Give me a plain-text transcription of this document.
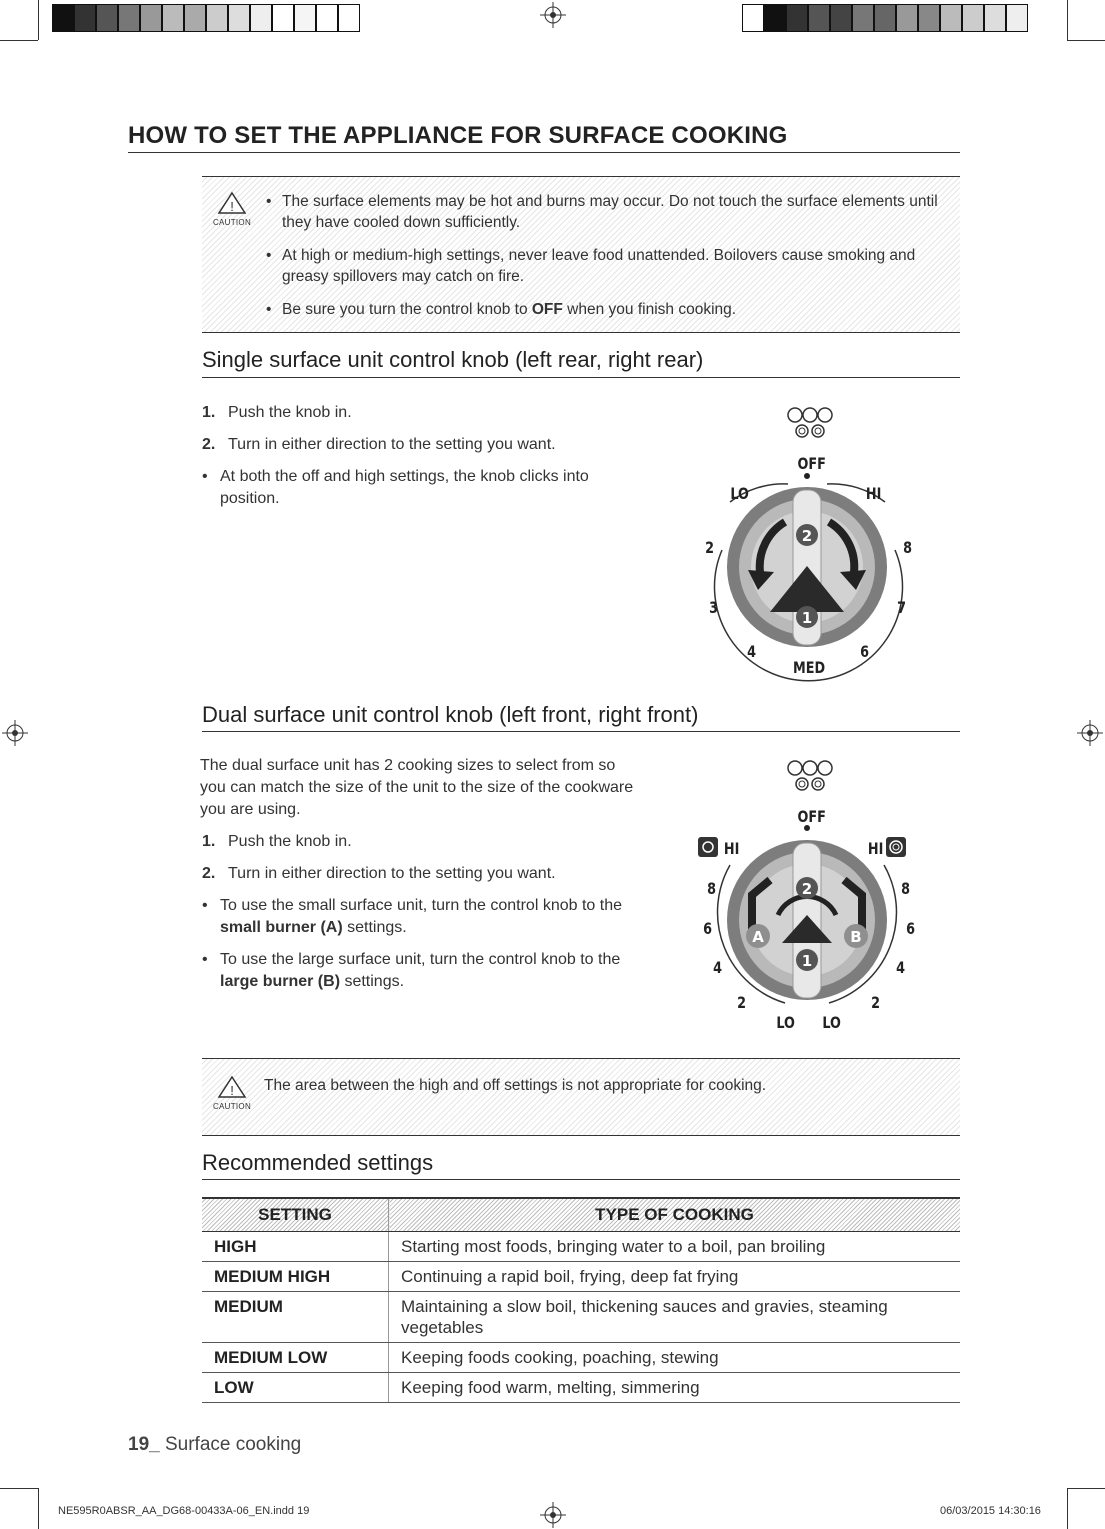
HOW TO SET THE APPLIANCE FOR SURFACE COOKING
!
CAUTION
• The surface elements may be hot and burns may occur. Do not touch the surface elements until they have cooled down sufficiently.
• At high or medium-high settings, never leave food unattended. Boilovers cause smoking and greasy spillovers may catch on fire.
• Be sure you turn the control knob to OFF when you finish cooking.
Single surface unit control knob (left rear, right rear)
1. Push the knob in.
2. Turn in either direction to the setting you want.
• At both the off and high settings, the knob clicks into position.
2
1
OFF
LO	HI
2	8
3	7
4	6
MED
Dual surface unit control knob (left front, right front)
The dual surface unit has 2 cooking sizes to select from so you can match the size of the unit to the size of the cookware you are using.
1. Push the knob in.
2. Turn in either direction to the setting you want.
• To use the small surface unit, turn the control knob to the small burner (A) settings.
• To use the large surface unit, turn the control knob to the large burner (B) settings.
2
1
A	B
OFF
HI	HI
8	8
6	6
4	4
2	2
LO LO
!
CAUTION
The area between the high and off settings is not appropriate for cooking.
Recommended settings
SETTING	TYPE OF COOKING
HIGH	Starting most foods, bringing water to a boil, pan broiling
MEDIUM HIGH	Continuing a rapid boil, frying, deep fat frying
MEDIUM	Maintaining a slow boil, thickening sauces and gravies, steaming vegetables
MEDIUM LOW	Keeping foods cooking, poaching, stewing
LOW	Keeping food warm, melting, simmering
19_ Surface cooking
NE595R0ABSR_AA_DG68-00433A-06_EN.indd 19	06/03/2015 14:30:16
